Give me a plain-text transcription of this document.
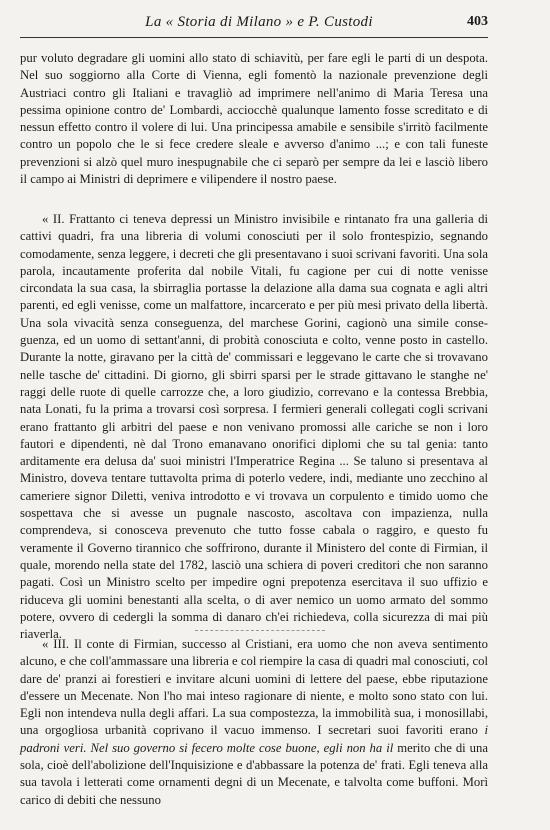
La « Storia di Milano » e P. Custodi	403

pur voluto degradare gli uomini allo stato di schiavitù, per fare egli le parti di un despota. Nel suo soggiorno alla Corte di Vienna, egli fomentò la nazionale prevenzione degli Austriaci contro gli Italiani e travagliò ad imprimere nell'animo di Maria Teresa una pessima opinione contro de' Lombardi, acciocchè qualunque lamento fosse screditato e di nessun effetto contro il volere di lui. Una principessa amabile e sensibile s'irritò facilmente contro un popolo che le si fece credere sleale e avverso d'animo ...; e con tali funeste prevenzioni si alzò quel muro inespugnabile che ci separò per sempre da lei e lasciò libero il campo ai Ministri di deprimere e vilipendere il nostro paese.

« II. Frattanto ci teneva depressi un Ministro invisibile e rintanato fra una galleria di cattivi quadri, fra una libreria di volumi conosciuti per il solo frontespizio, segnando comodamente, senza leggere, i decreti che gli presentavano i suoi scrivani favoriti. Una sola parola, incautamente proferita dal nobile Vitali, fu cagione per cui di notte venisse circondata la sua casa, la sbirraglia portasse la delazione alla dama sua cognata e agli altri parenti, ed egli venisse, come un malfattore, incarcerato e per più mesi privato della libertà. Una sola vivacità senza conseguenza, del marchese Gorini, cagionò una simile conseguenza, ed un uomo di settant'anni, di probità conosciuta e colto, venne posto in castello. Durante la notte, giravano per la città de' commissari e leggevano le carte che si trovavano nelle tasche de' cittadini. Di giorno, gli sbirri sparsi per le strade gittavano le stanghe ne' raggi delle ruote di quelle carrozze che, a loro giudizio, correvano e la contessa Brebbia, nata Lonati, fu la prima a trovarsi così sorpresa. I fermieri generali collegati cogli scrivani erano frattanto gli arbitri del paese e non venivano promossi alle cariche se non i loro fautori e dipendenti, nè dal Trono emanavano onorifici diplomi che su tal genia: tanto arditamente era delusa da' suoi ministri l'Imperatrice Regina ... Se taluno si presentava al Ministro, doveva tentare tuttavolta prima di poterlo vedere, indi, mediante uno zecchino al cameriere signor Diletti, veniva introdotto e vi trovava un corpulento e timido uomo che sospettava che si avesse un pugnale nascosto, ascoltava con impazienza, nulla comprendeva, si conosceva prevenuto che tutto fosse cabala o raggiro, e questo fu veramente il Governo tirannico che soffrirono, durante il Ministero del conte di Firmian, il quale, morendo nella state del 1782, lasciò una schiera di poveri creditori che non saranno pagati. Così un Ministro scelto per impedire ogni prepotenza esercitava il suo uffizio e riduceva gli uomini benestanti alla scelta, o di aver nemico un uomo armato del sommo potere, ovvero di cedergli la somma di danaro ch'ei richiedeva, colla sicurezza di mai più riaverla.

« III. Il conte di Firmian, successo al Cristiani, era uomo che non aveva sentimento alcuno, e che coll'ammassare una libreria e col riempire la casa di quadri mal conosciuti, col dare de' pranzi ai forestieri e invitare alcuni uomini di lettere del paese, ebbe riputazione d'essere un Mecenate. Non l'ho mai inteso ragionare di niente, e molto sono stato con lui. Egli non intendeva nulla degli affari. La sua compostezza, la immobilità sua, i monosillabi, una orgogliosa urbanità coprivano il vacuo immenso. I secretari suoi favoriti erano i padroni veri. Nel suo governo si fecero molte cose buone, egli non ha il merito che di una sola, cioè dell'abolizione dell'Inquisizione e d'abbassare la potenza de' frati. Egli teneva alla sua tavola i letterati come ornamenti degni di un Mecenate, e talvolta come buffoni. Morì carico di debiti che nessuno
